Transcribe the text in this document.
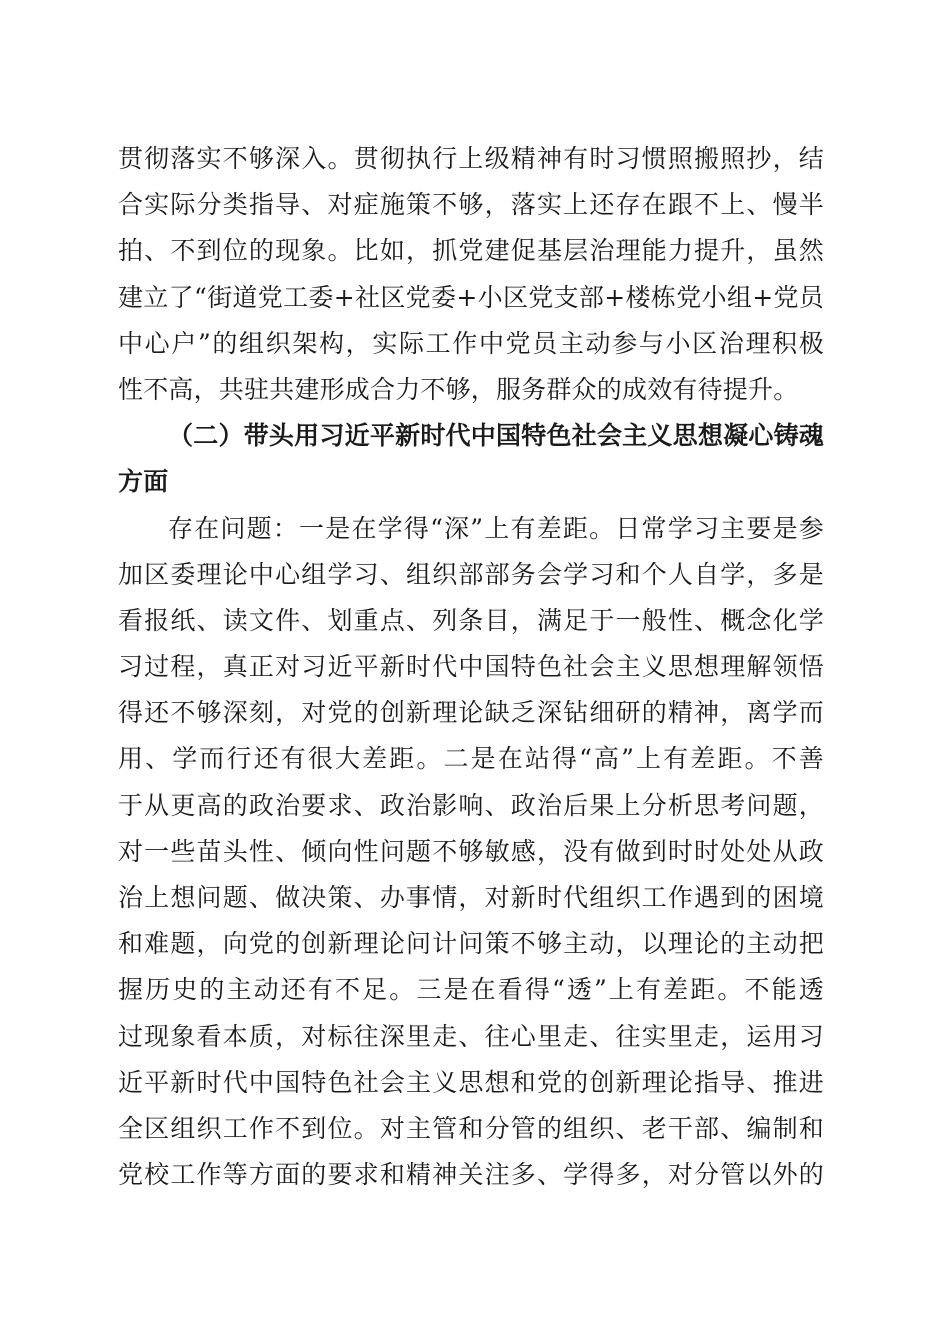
贯彻落实不够深入。贯彻执行上级精神有时习惯照搬照抄，结
合实际分类指导、对症施策不够，落实上还存在跟不上、慢半
拍、不到位的现象。比如，抓党建促基层治理能力提升，虽然
建立了“街道党工委+社区党委+小区党支部+楼栋党小组+党员
中心户”的组织架构，实际工作中党员主动参与小区治理积极
性不高，共驻共建形成合力不够，服务群众的成效有待提升。
（二）带头用习近平新时代中国特色社会主义思想凝心铸魂
方面
存在问题：一是在学得“深”上有差距。日常学习主要是参
加区委理论中心组学习、组织部部务会学习和个人自学，多是
看报纸、读文件、划重点、列条目，满足于一般性、概念化学
习过程，真正对习近平新时代中国特色社会主义思想理解领悟
得还不够深刻，对党的创新理论缺乏深钻细研的精神，离学而
用、学而行还有很大差距。二是在站得“高”上有差距。不善
于从更高的政治要求、政治影响、政治后果上分析思考问题，
对一些苗头性、倾向性问题不够敏感，没有做到时时处处从政
治上想问题、做决策、办事情，对新时代组织工作遇到的困境
和难题，向党的创新理论问计问策不够主动，以理论的主动把
握历史的主动还有不足。三是在看得“透”上有差距。不能透
过现象看本质，对标往深里走、往心里走、往实里走，运用习
近平新时代中国特色社会主义思想和党的创新理论指导、推进
全区组织工作不到位。对主管和分管的组织、老干部、编制和
党校工作等方面的要求和精神关注多、学得多，对分管以外的
